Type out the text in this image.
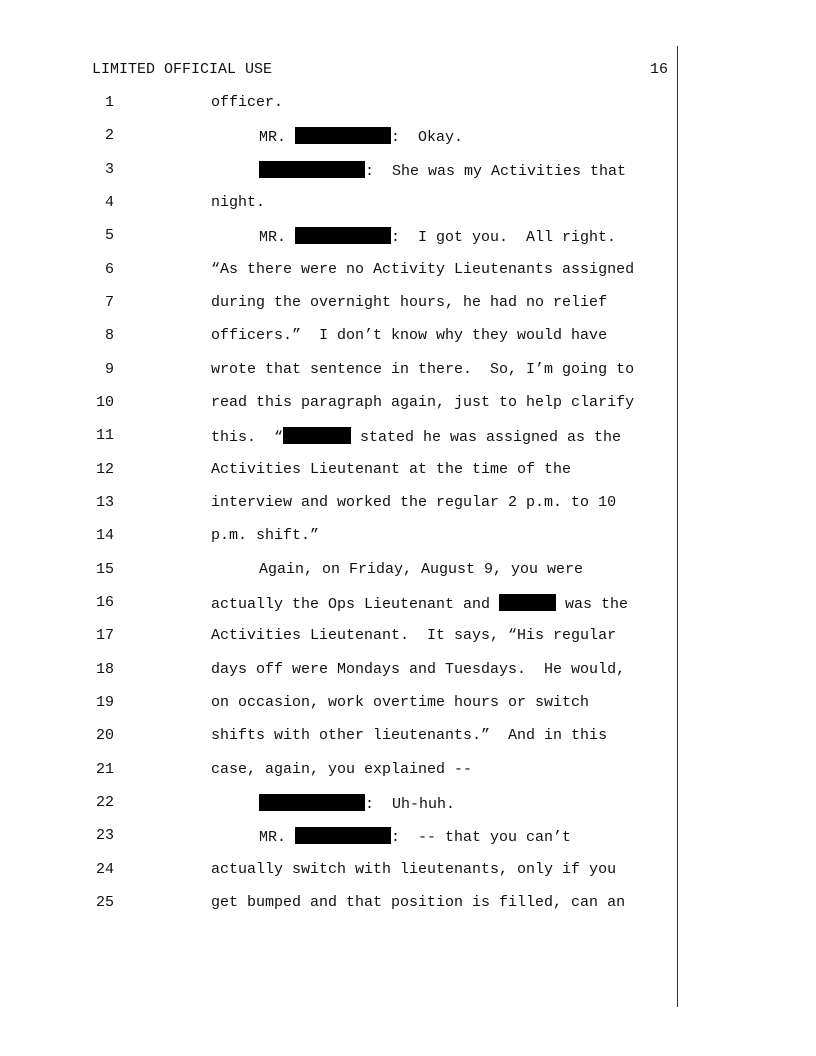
LIMITED OFFICIAL USE	16
1	officer.
2	MR.	:  Okay.
3	:  She was my Activities that
4	night.
5	MR.	:  I got you.  All right.
6	“As there were no Activity Lieutenants assigned
7	during the overnight hours, he had no relief
8	officers.”  I don’t know why they would have
9	wrote that sentence in there.  So, I’m going to
10	read this paragraph again, just to help clarify
11	this.  “	stated he was assigned as the
12	Activities Lieutenant at the time of the
13	interview and worked the regular 2 p.m. to 10
14	p.m. shift.”
15	Again, on Friday, August 9, you were
16	actually the Ops Lieutenant and	was the
17	Activities Lieutenant.  It says, “His regular
18	days off were Mondays and Tuesdays.  He would,
19	on occasion, work overtime hours or switch
20	shifts with other lieutenants.”  And in this
21	case, again, you explained --
22	:  Uh-huh.
23	MR.	:  -- that you can’t
24	actually switch with lieutenants, only if you
25	get bumped and that position is filled, can an
